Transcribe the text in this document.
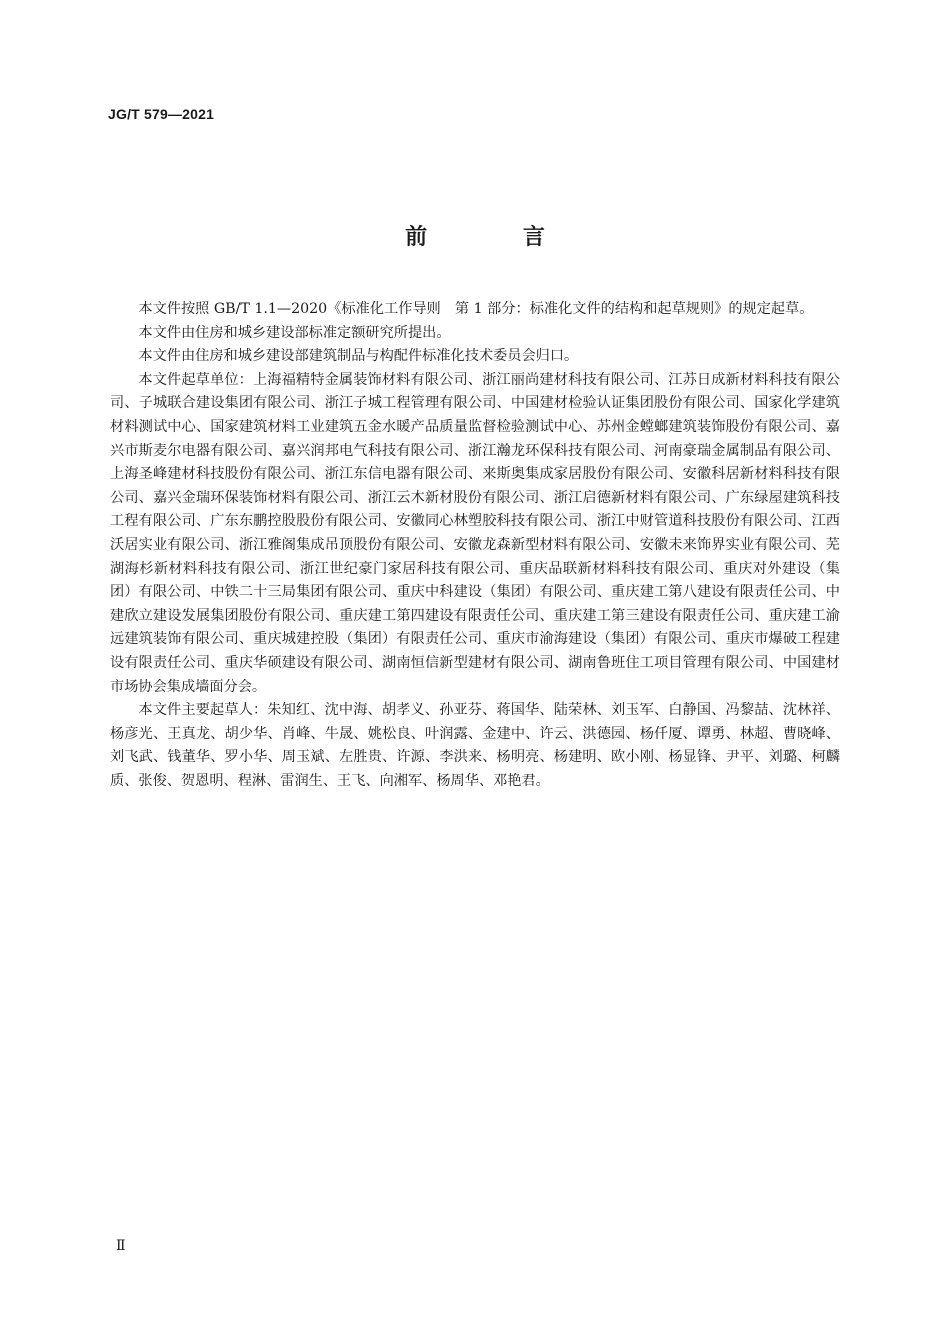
JG/T 579—2021
前 言

本文件按照 GB/T 1.1—2020《标准化工作导则　第 1 部分：标准化文件的结构和起草规则》的规定起草。

本文件由住房和城乡建设部标准定额研究所提出。

本文件由住房和城乡建设部建筑制品与构配件标准化技术委员会归口。

本文件起草单位：上海福精特金属装饰材料有限公司、浙江丽尚建材科技有限公司、江苏日成新材料科技有限公司、子城联合建设集团有限公司、浙江子城工程管理有限公司、中国建材检验认证集团股份有限公司、国家化学建筑材料测试中心、国家建筑材料工业建筑五金水暖产品质量监督检验测试中心、苏州金螳螂建筑装饰股份有限公司、嘉兴市斯麦尔电器有限公司、嘉兴润邦电气科技有限公司、浙江瀚龙环保科技有限公司、河南豪瑞金属制品有限公司、上海圣峰建材科技股份有限公司、浙江东信电器有限公司、来斯奥集成家居股份有限公司、安徽科居新材料科技有限公司、嘉兴金瑞环保装饰材料有限公司、浙江云木新材股份有限公司、浙江启德新材料有限公司、广东绿屋建筑科技工程有限公司、广东东鹏控股股份有限公司、安徽同心林塑胶科技有限公司、浙江中财管道科技股份有限公司、江西沃居实业有限公司、浙江雅阁集成吊顶股份有限公司、安徽龙森新型材料有限公司、安徽未来饰界实业有限公司、芜湖海杉新材料科技有限公司、浙江世纪豪门家居科技有限公司、重庆品联新材料科技有限公司、重庆对外建设（集团）有限公司、中铁二十三局集团有限公司、重庆中科建设（集团）有限公司、重庆建工第八建设有限责任公司、中建欣立建设发展集团股份有限公司、重庆建工第四建设有限责任公司、重庆建工第三建设有限责任公司、重庆建工渝远建筑装饰有限公司、重庆城建控股（集团）有限责任公司、重庆市渝海建设（集团）有限公司、重庆市爆破工程建设有限责任公司、重庆华硕建设有限公司、湖南恒信新型建材有限公司、湖南鲁班住工项目管理有限公司、中国建材市场协会集成墙面分会。

本文件主要起草人：朱知红、沈中海、胡孝义、孙亚芬、蒋国华、陆荣林、刘玉军、白静国、冯黎喆、沈林祥、杨彦光、王真龙、胡少华、肖峰、牛晟、姚松良、叶润露、金建中、许云、洪德园、杨仟厦、谭勇、林超、曹晓峰、刘飞武、钱董华、罗小华、周玉斌、左胜贵、许源、李洪来、杨明亮、杨建明、欧小刚、杨显锋、尹平、刘璐、柯麟质、张俊、贺恩明、程淋、雷润生、王飞、向湘军、杨周华、邓艳君。

Ⅱ
